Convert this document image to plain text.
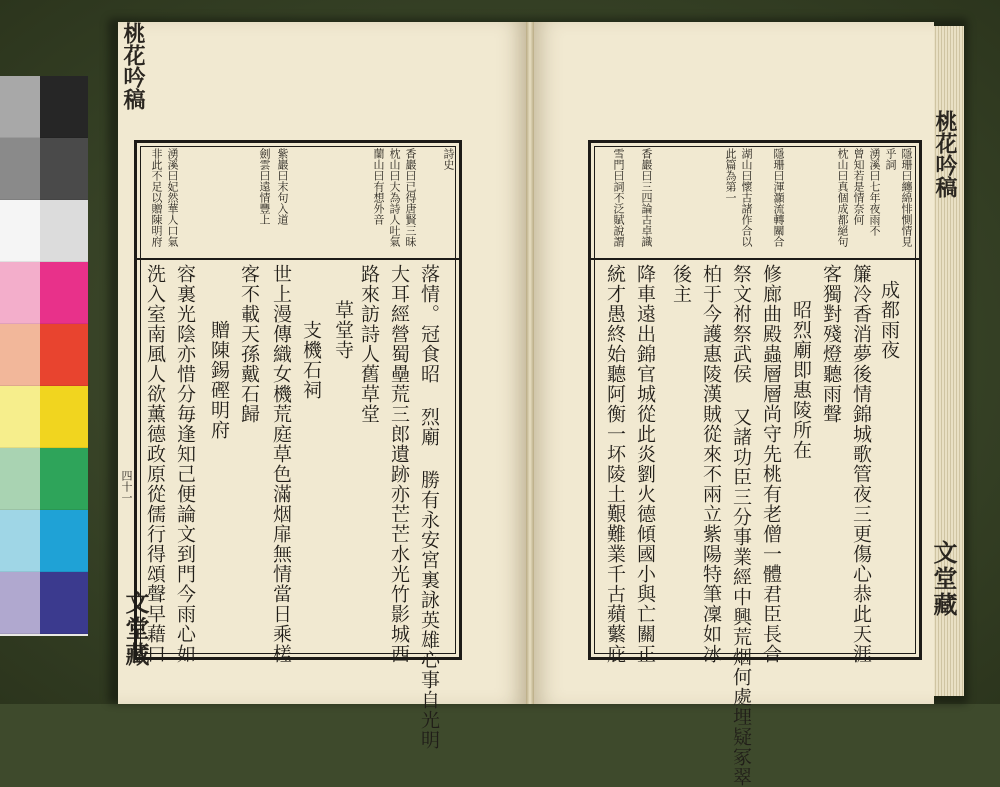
桃花吟稿
四十一
文堂藏
詩史
香巖曰已得唐賢三昧
枕山曰大為詩人吐氣
蘭山曰有想外音
紫巖曰末句入道
劍雲曰遠情豐上
湧溪曰妃然華人口氣
非此不足以贈陳明府
落情。冠食昭 烈廟 勝有永安宮裏詠英雄心事自光明
大耳經營蜀壘荒三郎遺跡亦芒芒水光竹影城西
路來訪詩人舊草堂
草堂寺
支機石祠
世上漫傳織女機荒庭草色滿烟扉無情當日乘槎
客不載天孫戴石歸
贈陳錫䃘明府
容裏光陰亦惜分毎逢知己便論文到門今雨心如
洗入室南風人欲薰德政原從儒行得頌聲早藉口
桃花吟稿
文堂藏
隱珊曰纏綿悱惻情見
乎詞
湧溪曰七年夜雨不
曾知若是情奈何
枕山曰真個成都絕句
隱珊曰渾灝流轉關合
湖山曰懷古諸作合以
此篇為第一
香巖曰三四論古卓識
雪門曰詞不泛賦說謂
成都雨夜
簾冷香消夢後情錦城歌管夜三更傷心恭此天涯
客獨對殘燈聽雨聲
昭烈廟即惠陵所在
修廊曲殿蟲層層尚守先桃有老僧一體君臣長合
祭文祔祭武侯 又諸功臣三分事業經中興荒烟何處埋疑冢翠
柏于今護惠陵漢賊從來不兩立紫陽特筆凜如冰
後主
降車遠出錦官城從此炎劉火德傾國小與亡關正
統才愚終始聽阿衡一坏陵土艱難業千古蘋蘩庇
